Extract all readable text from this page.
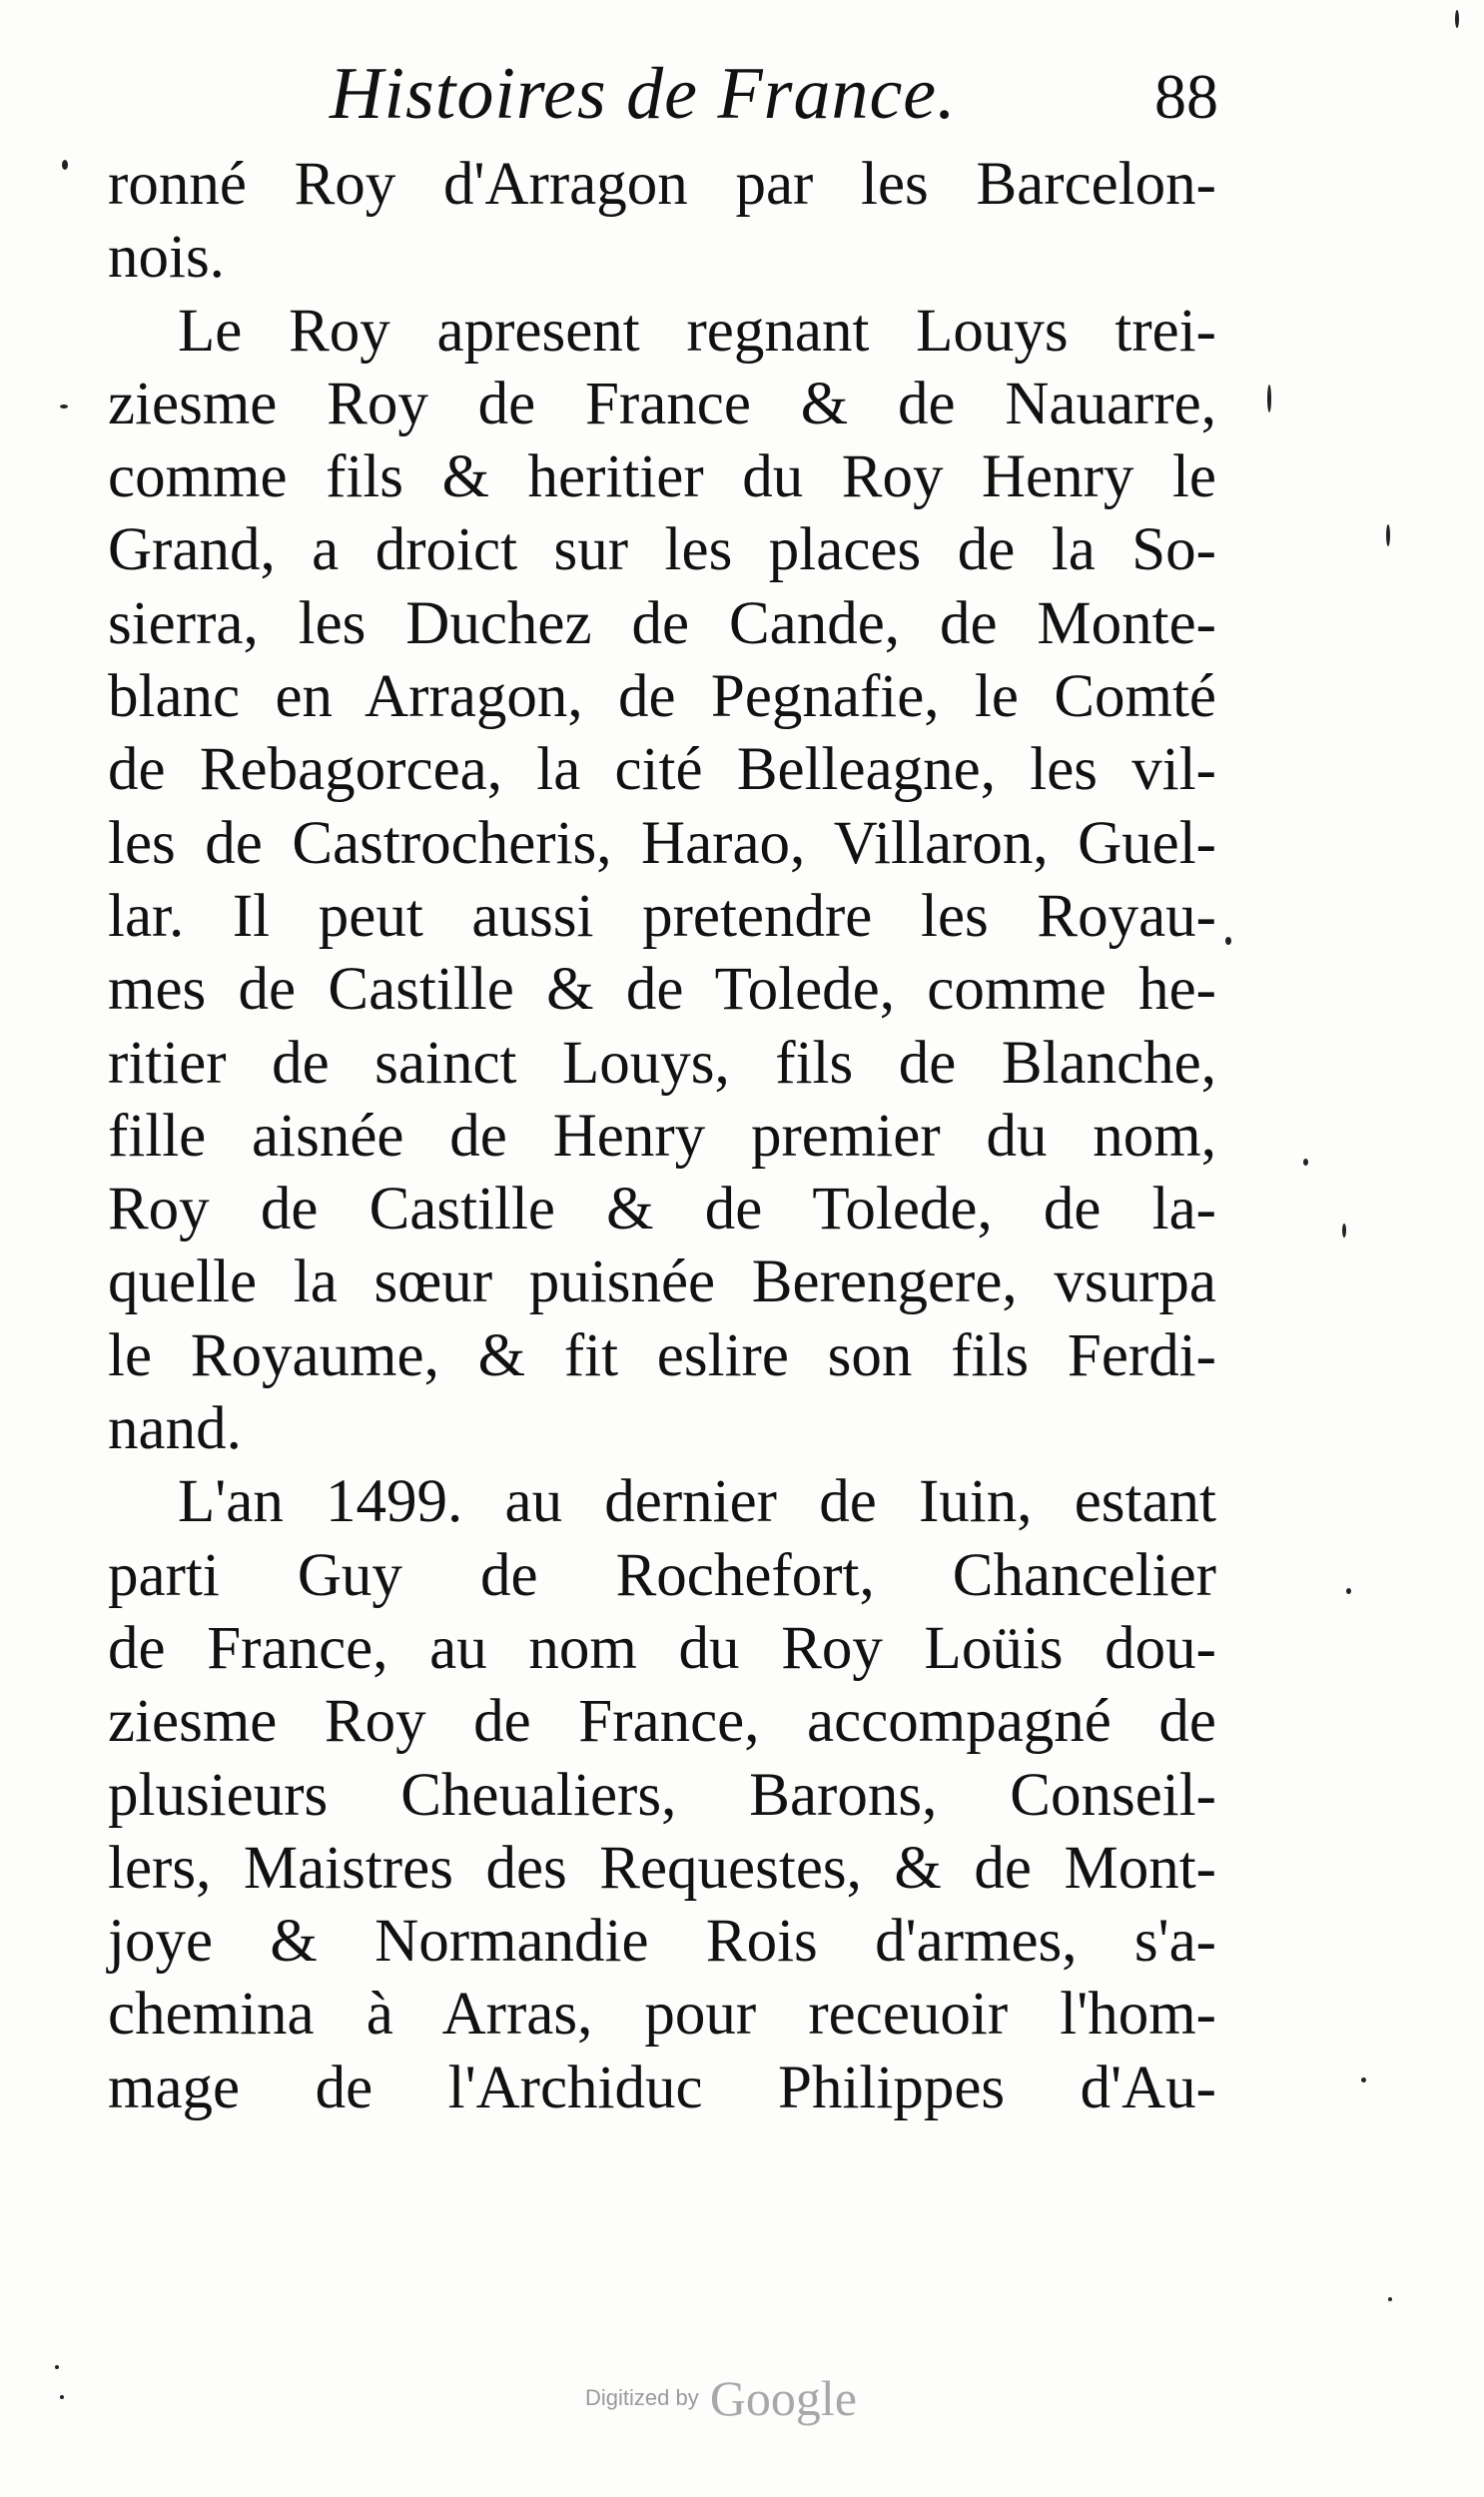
Histoires de France.	88
ronné Roy d'Arragon par les Barcelon-
nois.
Le Roy apresent regnant Louys trei-
ziesme Roy de France & de Nauarre,
comme fils & heritier du Roy Henry le
Grand, a droict sur les places de la So-
sierra, les Duchez de Cande, de Monte-
blanc en Arragon, de Pegnafie, le Comté
de Rebagorcea, la cité Belleagne, les vil-
les de Castrocheris, Harao, Villaron, Guel-
lar. Il peut aussi pretendre les Royau-
mes de Castille & de Tolede, comme he-
ritier de sainct Louys, fils de Blanche,
fille aisnée de Henry premier du nom,
Roy de Castille & de Tolede, de la-
quelle la sœur puisnée Berengere, vsurpa
le Royaume, & fit eslire son fils Ferdi-
nand.
L'an 1499. au dernier de Iuin, estant
parti Guy de Rochefort, Chancelier
de France, au nom du Roy Loüis dou-
ziesme Roy de France, accompagné de
plusieurs Cheualiers, Barons, Conseil-
lers, Maistres des Requestes, & de Mont-
joye & Normandie Rois d'armes, s'a-
chemina à Arras, pour receuoir l'hom-
mage de l'Archiduc Philippes d'Au-
Digitized by Google
